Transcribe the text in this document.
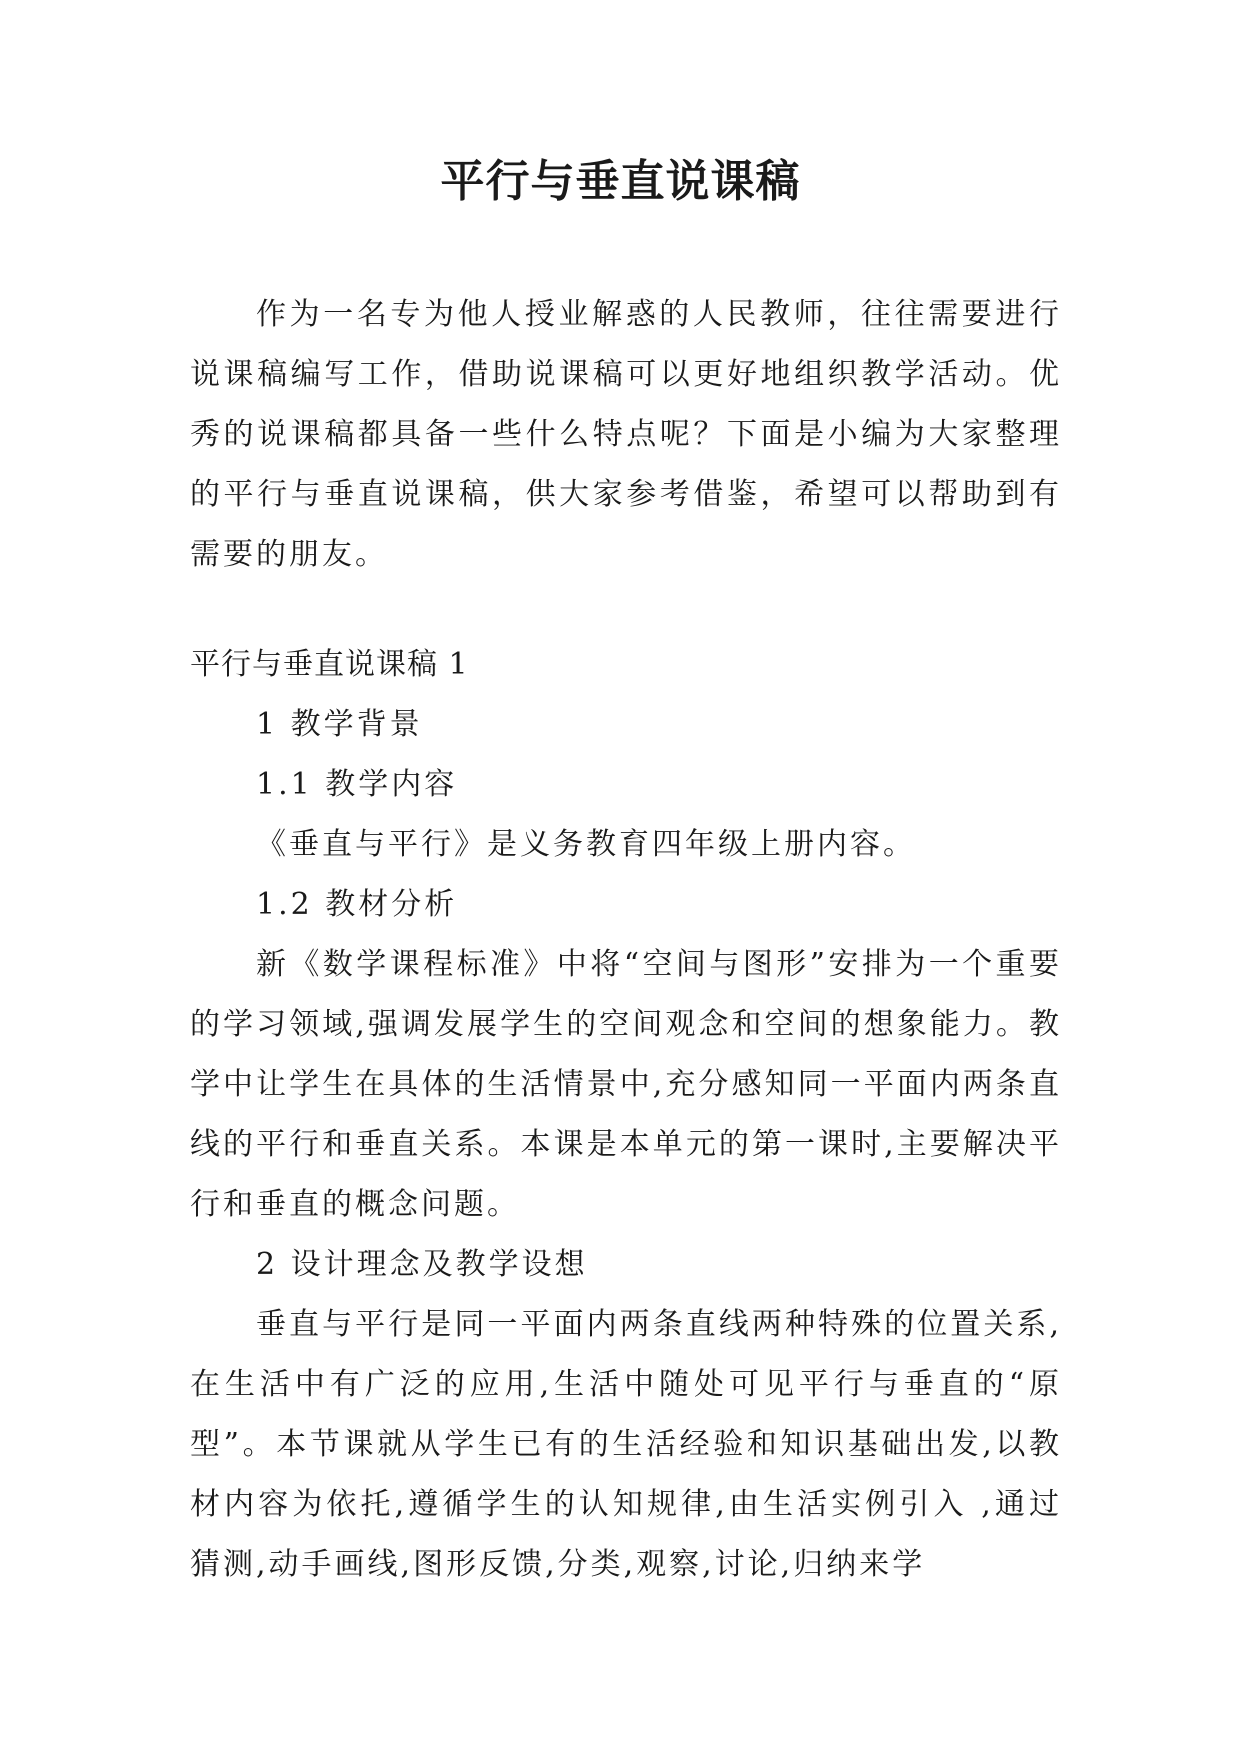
平行与垂直说课稿

作为一名专为他人授业解惑的人民教师，往往需要进行说课稿编写工作，借助说课稿可以更好地组织教学活动。优秀的说课稿都具备一些什么特点呢？下面是小编为大家整理的平行与垂直说课稿，供大家参考借鉴，希望可以帮助到有需要的朋友。

平行与垂直说课稿 1

1 教学背景

1.1 教学内容

《垂直与平行》是义务教育四年级上册内容。

1.2 教材分析

新《数学课程标准》中将“空间与图形”安排为一个重要的学习领域,强调发展学生的空间观念和空间的想象能力。教学中让学生在具体的生活情景中,充分感知同一平面内两条直线的平行和垂直关系。本课是本单元的第一课时,主要解决平行和垂直的概念问题。

2 设计理念及教学设想

垂直与平行是同一平面内两条直线两种特殊的位置关系,在生活中有广泛的应用,生活中随处可见平行与垂直的“原型”。本节课就从学生已有的生活经验和知识基础出发,以教材内容为依托,遵循学生的认知规律,由生活实例引入 ,通过猜测,动手画线,图形反馈,分类,观察,讨论,归纳来学
